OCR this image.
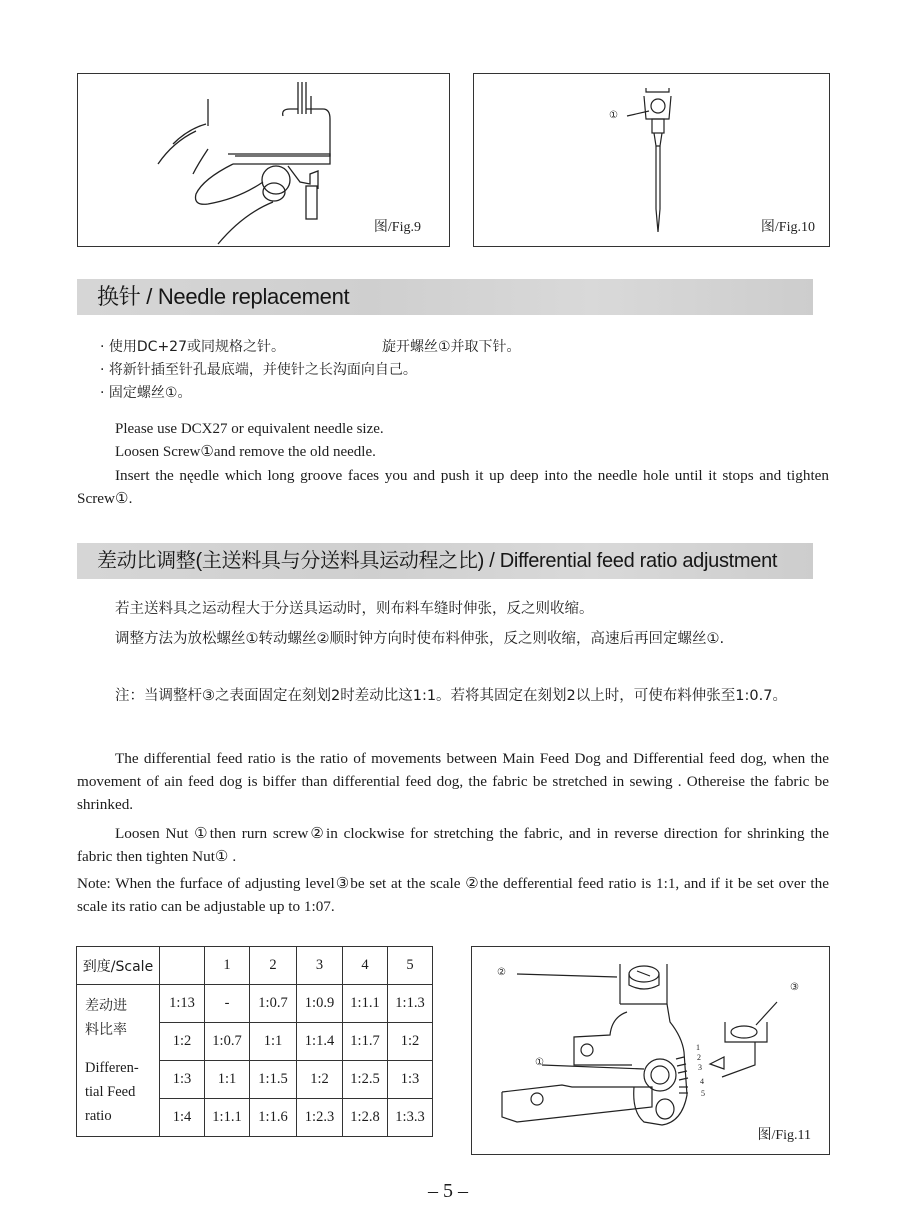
图/Fig.9
①
图/Fig.10
换针 / Needle replacement
· 使用DC+27或同规格之针。	旋开螺丝①并取下针。
· 将新针插至针孔最底端，并使针之长沟面向自己。
· 固定螺丝①。
Please use DCX27 or equivalent needle size.
Loosen Screw①and remove the old needle.
Insert the nęedle which long groove faces you and push it up deep into the needle hole until it stops and tighten Screw①.
差动比调整(主送料具与分送料具运动程之比) / Differential feed ratio adjustment
若主送料具之运动程大于分送具运动时，则布料车缝时伸张，反之则收缩。
调整方法为放松螺丝①转动螺丝②顺时钟方向时使布料伸张，反之则收缩，高速后再回定螺丝①.
注：当调整杆③之表面固定在刻划2时差动比这1:1。若将其固定在刻划2以上时，可使布料伸张至1:0.7。
The differential feed ratio is the ratio of movements between Main Feed Dog and Differential feed dog, when the movement of ain feed dog is biffer than differential feed dog, the fabric be stretched in sewing . Othereise the fabric be shrinked.
Loosen Nut ①then rurn screw②in clockwise for stretching the fabric, and in reverse direction for shrinking the fabric then tighten Nut① .
Note: When the furface of adjusting level③be set at the scale ②the defferential feed ratio is 1:1, and if it be set over the scale its ratio can be adjustable up to 1:07.
到度/Scale		1	2	3	4	5

差动进
料比率
Differen-
tial Feed
ratio	1:13	-	1:0.7	1:0.9	1:1.1	1:1.3
	1:2	1:0.7	1:1	1:1.4	1:1.7	1:2
	1:3	1:1	1:1.5	1:2	1:2.5	1:3
	1:4	1:1.1	1:1.6	1:2.3	1:2.8	1:3.3
①
②
③
1
2
3
4
5
图/Fig.11
– 5 –
